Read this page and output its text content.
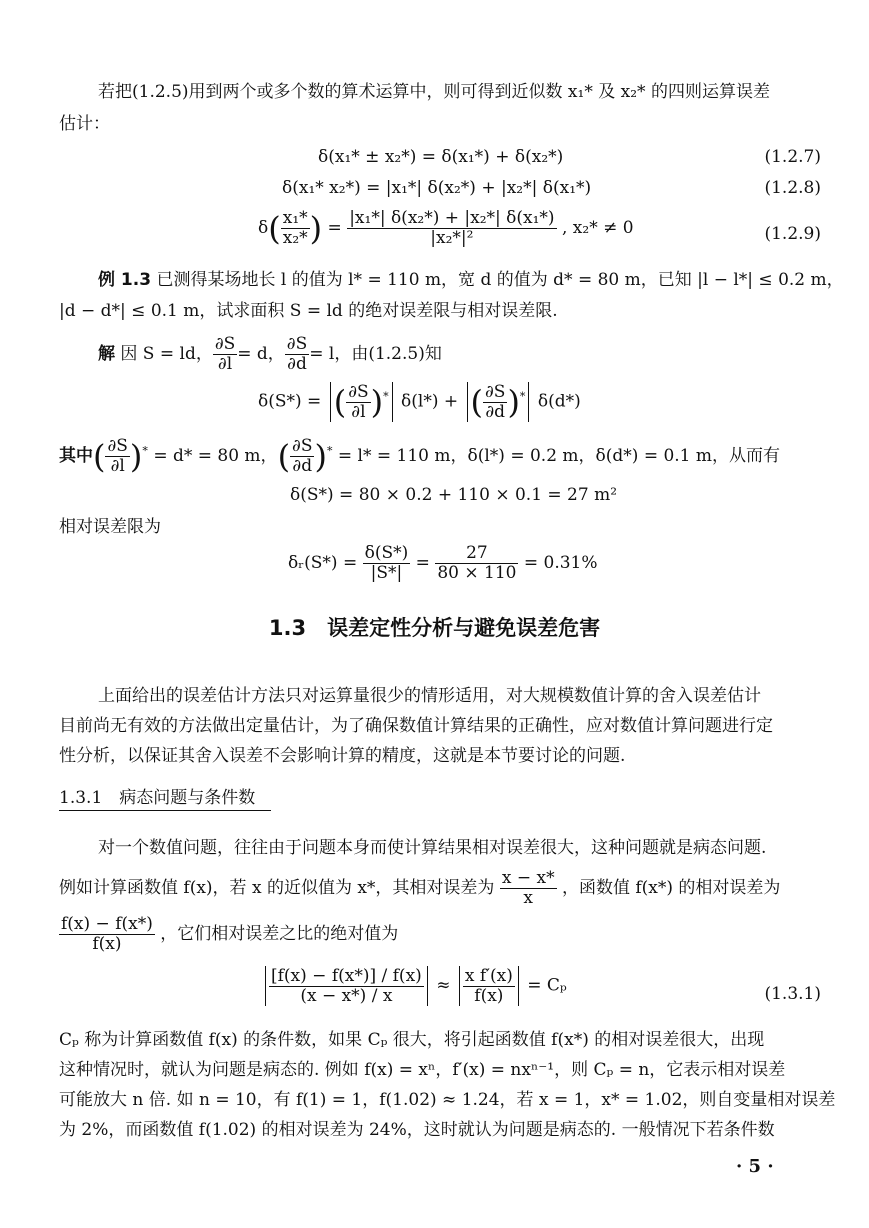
若把(1.2.5)用到两个或多个数的算术运算中，则可得到近似数 x₁* 及 x₂* 的四则运算误差
估计：
δ(x₁* ± x₂*) = δ(x₁*) + δ(x₂*)	(1.2.7)
δ(x₁* x₂*) = |x₁*| δ(x₂*) + |x₂*| δ(x₁*)	(1.2.8)
$\delta( \frac{\text{x₁*}}{\text{x₂*}}$ ) = $\frac{\text{|x₁*| δ(x₂*) + |x₂*| δ(x₁*)}}{\text{|x₂*|²}}$ , x₂* ≠ 0	(1.2.9)
例 1.3 已测得某场地长 l 的值为 l* = 110 m，宽 d 的值为 d* = 80 m，已知 |l − l*| ≤ 0.2 m，
|d − d*| ≤ 0.1 m，试求面积 S = ld 的绝对误差限与相对误差限.
解 因 S = ld， $\frac{\partial S}{\partial l} = d$， $\frac{\partial S}{\partial d} = l$，由(1.2.5)知
δ(S*) = ( $\frac{\partial S}{\partial l} )^*$ δ(l*) + ( $\frac{\partial S}{\partial d} )^*$ δ(d*)
其中( $\frac{\partial S}{\partial l} )^* = d* = 80$ m，( $\frac{\partial S}{\partial d} )^* = l* = 110$ m，δ(l*) = 0.2 m，δ(d*) = 0.1 m，从而有
δ(S*) = 80 × 0.2 + 110 × 0.1 = 27 m²
相对误差限为
δᵣ(S*) = $\frac{\delta(S*)}{|S*|} = \frac{27}{80 \times 110} = 0.31\%$
1.3　误差定性分析与避免误差危害
上面给出的误差估计方法只对运算量很少的情形适用，对大规模数值计算的舍入误差估计
目前尚无有效的方法做出定量估计，为了确保数值计算结果的正确性，应对数值计算问题进行定
性分析，以保证其舍入误差不会影响计算的精度，这就是本节要讨论的问题.
1.3.1　病态问题与条件数
对一个数值问题，往往由于问题本身而使计算结果相对误差很大，这种问题就是病态问题.
例如计算函数值 f(x)，若 x 的近似值为 x*，其相对误差为 $\frac{x - x*}{x}$ ，函数值 f(x*) 的相对误差为
$\frac{f(x) - f(x*)}{f(x)}$ ，它们相对误差之比的绝对值为
$\frac{[f(x) - f(x*)] / f(x)}{(x - x*) / x} \approx \frac{\text{x f′(x)}}{f(x)} = C_p$	(1.3.1)
Cₚ 称为计算函数值 f(x) 的条件数，如果 Cₚ 很大，将引起函数值 f(x*) 的相对误差很大，出现
这种情况时，就认为问题是病态的. 例如 f(x) = xⁿ，f′(x) = nxⁿ⁻¹，则 Cₚ = n，它表示相对误差
可能放大 n 倍. 如 n = 10，有 f(1) = 1，f(1.02) ≈ 1.24，若 x = 1，x* = 1.02，则自变量相对误差
为 2%，而函数值 f(1.02) 的相对误差为 24%，这时就认为问题是病态的. 一般情况下若条件数
· 5 ·
